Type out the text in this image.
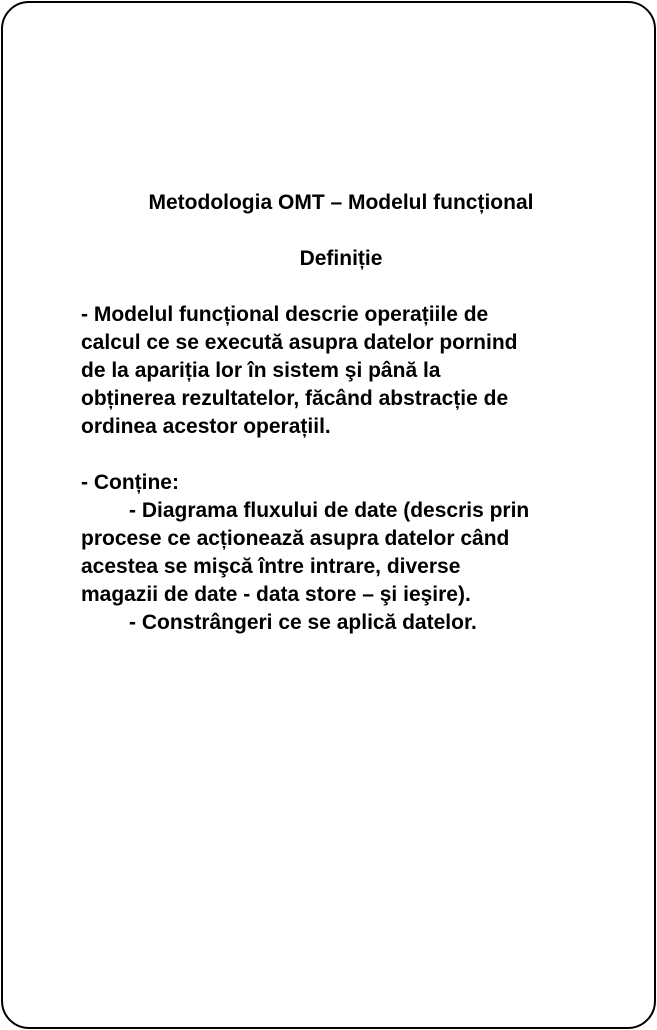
Metodologia OMT – Modelul funcțional
Definiție
- Modelul funcțional descrie operațiile de
calcul ce se execută asupra datelor pornind
de la apariția lor în sistem şi până la
obținerea rezultatelor, făcând abstracție de
ordinea acestor operațiil.
- Conține:
- Diagrama fluxului de date (descris prin
procese ce acționează asupra datelor când
acestea se mişcă între intrare, diverse
magazii de date - data store – şi ieşire).
- Constrângeri ce se aplică datelor.
